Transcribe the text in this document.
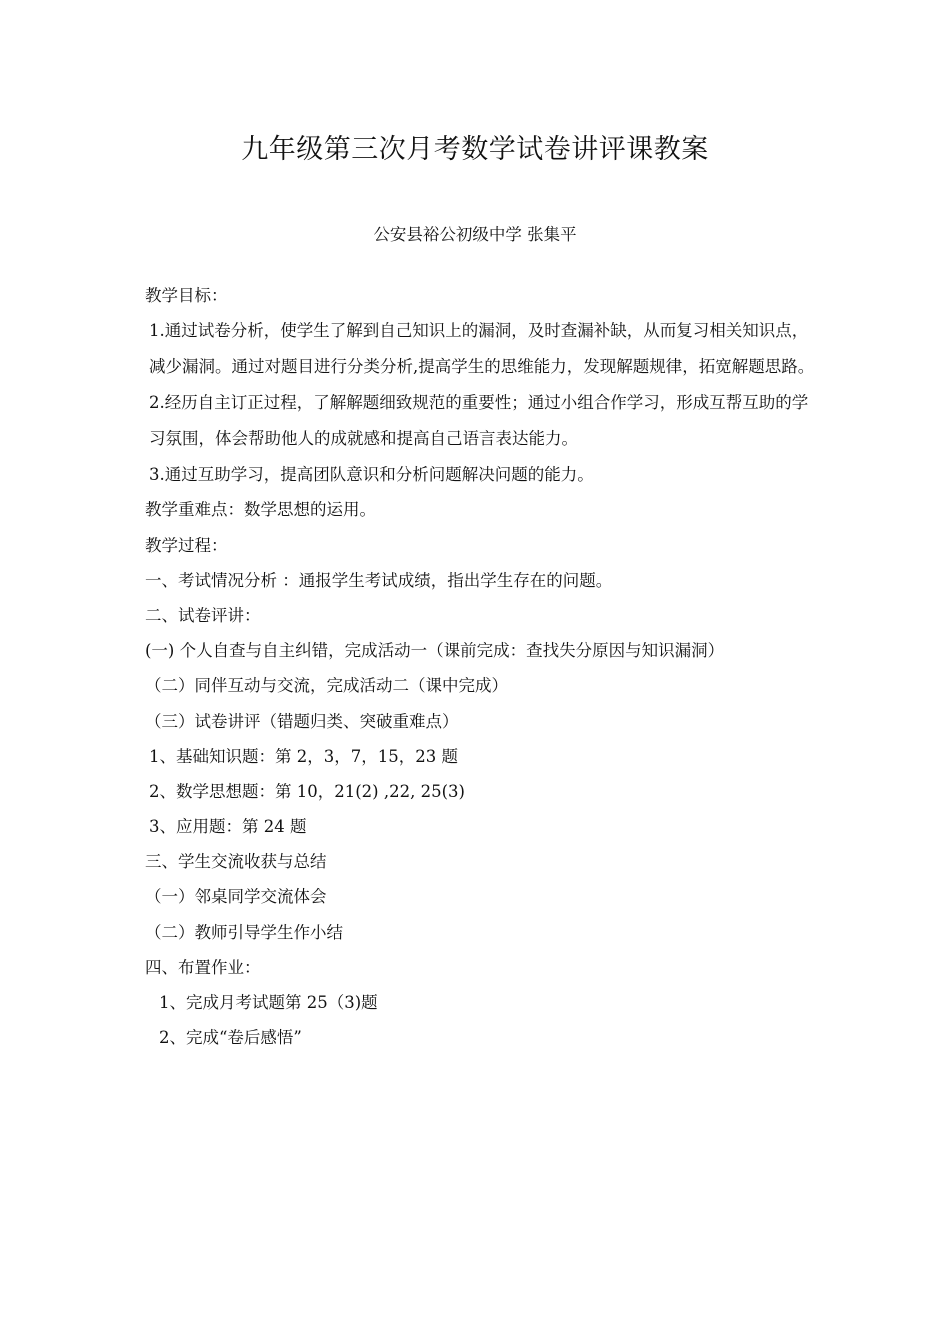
九年级第三次月考数学试卷讲评课教案
公安县裕公初级中学 张集平
教学目标：

1.通过试卷分析，使学生了解到自己知识上的漏洞，及时查漏补缺，从而复习相关知识点，减少漏洞。通过对题目进行分类分析,提高学生的思维能力，发现解题规律，拓宽解题思路。

2.经历自主订正过程，了解解题细致规范的重要性；通过小组合作学习，形成互帮互助的学习氛围，体会帮助他人的成就感和提高自己语言表达能力。

3.通过互助学习，提高团队意识和分析问题解决问题的能力。
教学重难点：数学思想的运用。
教学过程：
一、考试情况分析 ：通报学生考试成绩，指出学生存在的问题。
二、试卷评讲：
(一) 个人自查与自主纠错，完成活动一（课前完成：查找失分原因与知识漏洞）
（二）同伴互动与交流，完成活动二（课中完成）
（三）试卷讲评（错题归类、突破重难点）
1、基础知识题：第 2，3，7，15，23 题
2、数学思想题：第 10，21(2) ,22, 25(3)
3、应用题：第 24 题
三、学生交流收获与总结
（一）邻桌同学交流体会
（二）教师引导学生作小结
四、布置作业：
1、完成月考试题第 25（3)题
2、完成“卷后感悟”
